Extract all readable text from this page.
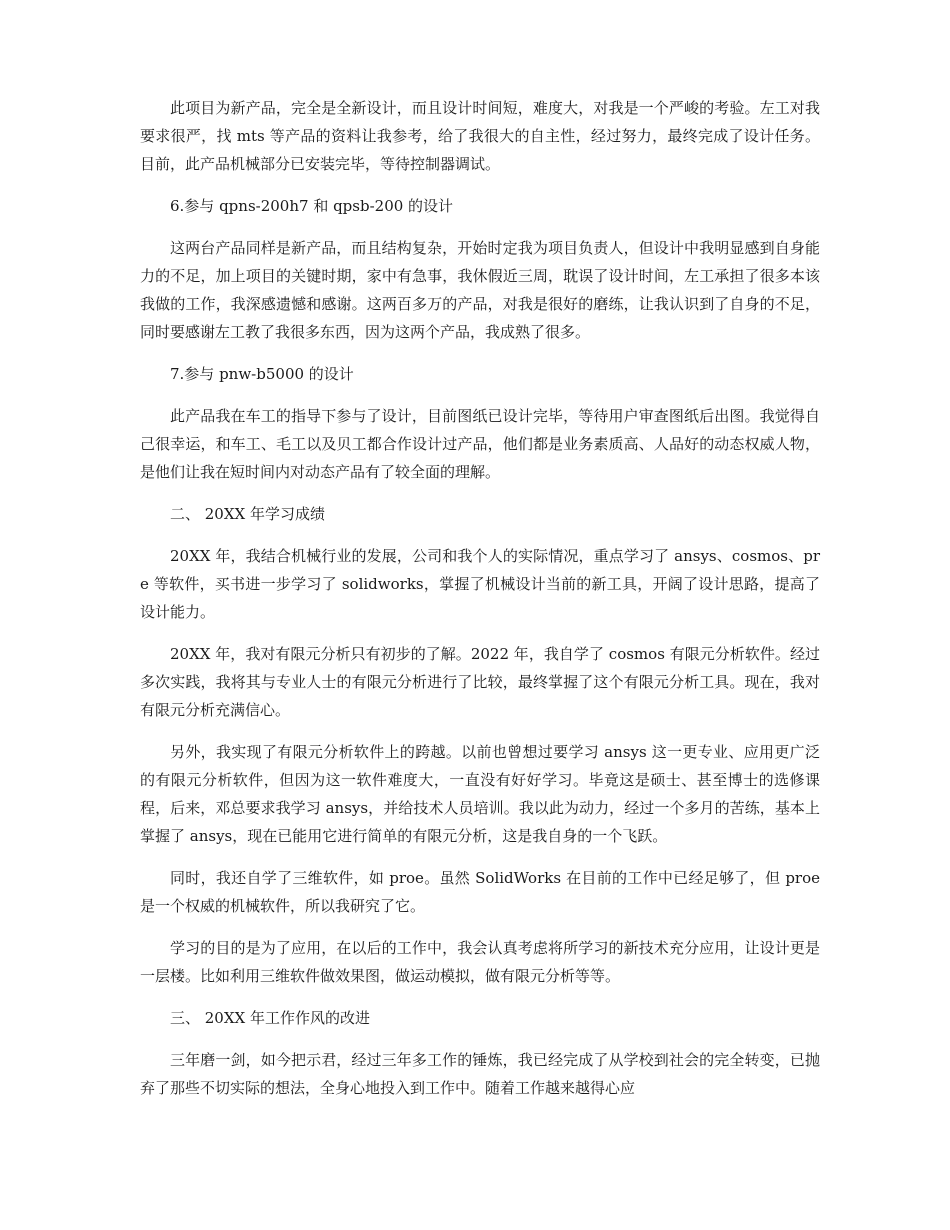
此项目为新产品，完全是全新设计，而且设计时间短，难度大，对我是一个严峻的考验。左工对我要求很严，找 mts 等产品的资料让我参考，给了我很大的自主性，经过努力，最终完成了设计任务。目前，此产品机械部分已安装完毕，等待控制器调试。

6.参与 qpns-200h7 和 qpsb-200 的设计

这两台产品同样是新产品，而且结构复杂，开始时定我为项目负责人，但设计中我明显感到自身能力的不足，加上项目的关键时期，家中有急事，我休假近三周，耽误了设计时间，左工承担了很多本该我做的工作，我深感遗憾和感谢。这两百多万的产品，对我是很好的磨练，让我认识到了自身的不足，同时要感谢左工教了我很多东西，因为这两个产品，我成熟了很多。

7.参与 pnw-b5000 的设计

此产品我在车工的指导下参与了设计，目前图纸已设计完毕，等待用户审查图纸后出图。我觉得自己很幸运，和车工、毛工以及贝工都合作设计过产品，他们都是业务素质高、人品好的动态权威人物，是他们让我在短时间内对动态产品有了较全面的理解。

二、 20XX 年学习成绩

20XX 年，我结合机械行业的发展，公司和我个人的实际情况，重点学习了 ansys、cosmos、pre 等软件，买书进一步学习了 solidworks，掌握了机械设计当前的新工具，开阔了设计思路，提高了设计能力。

20XX 年，我对有限元分析只有初步的了解。2022 年，我自学了 cosmos 有限元分析软件。经过多次实践，我将其与专业人士的有限元分析进行了比较，最终掌握了这个有限元分析工具。现在，我对有限元分析充满信心。

另外，我实现了有限元分析软件上的跨越。以前也曾想过要学习 ansys 这一更专业、应用更广泛的有限元分析软件，但因为这一软件难度大，一直没有好好学习。毕竟这是硕士、甚至博士的选修课程，后来，邓总要求我学习 ansys，并给技术人员培训。我以此为动力，经过一个多月的苦练，基本上掌握了 ansys，现在已能用它进行简单的有限元分析，这是我自身的一个飞跃。

同时，我还自学了三维软件，如 proe。虽然 SolidWorks 在目前的工作中已经足够了，但 proe 是一个权威的机械软件，所以我研究了它。

学习的目的是为了应用，在以后的工作中，我会认真考虑将所学习的新技术充分应用，让设计更是一层楼。比如利用三维软件做效果图，做运动模拟，做有限元分析等等。

三、 20XX 年工作作风的改进

三年磨一剑，如今把示君，经过三年多工作的锤炼，我已经完成了从学校到社会的完全转变，已抛弃了那些不切实际的想法，全身心地投入到工作中。随着工作越来越得心应
